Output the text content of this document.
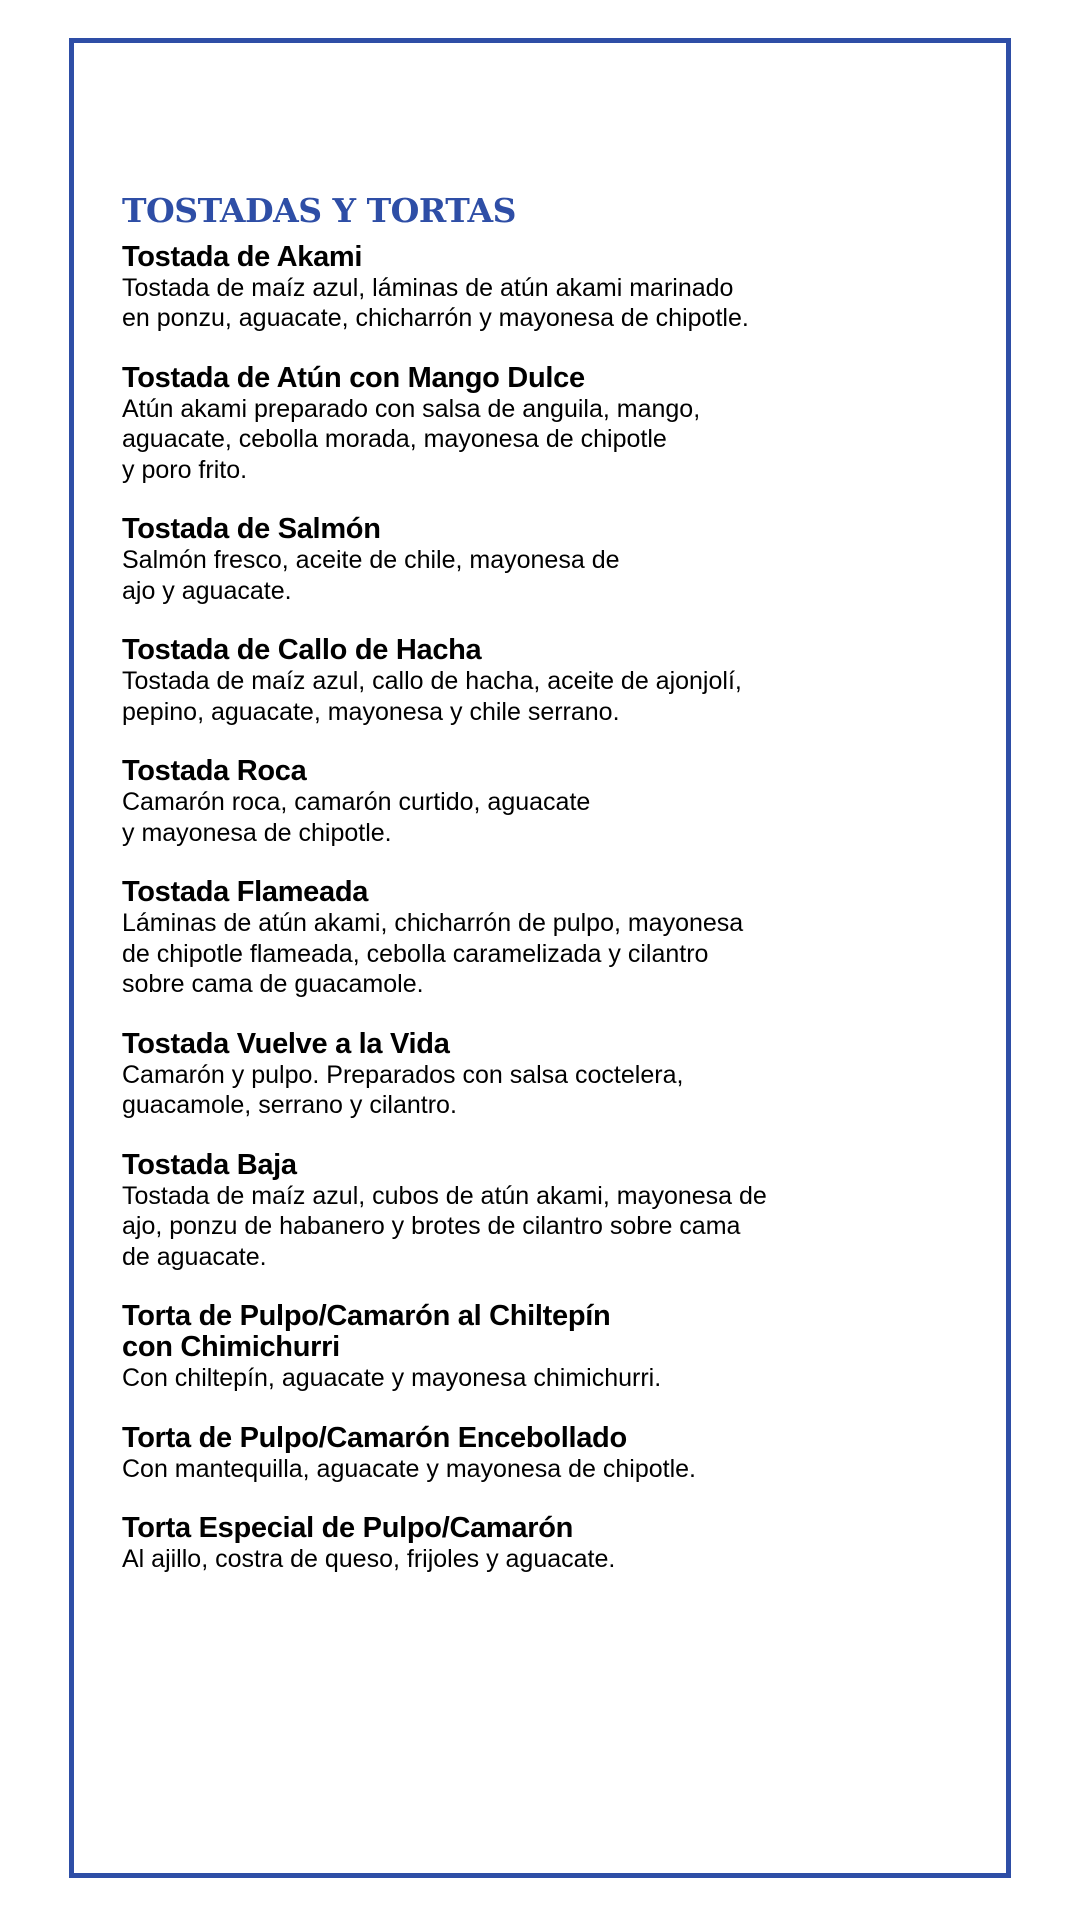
TOSTADAS Y TORTAS

Tostada de Akami

Tostada de maíz azul, láminas de atún akami marinado
en ponzu, aguacate, chicharrón y mayonesa de chipotle.

Tostada de Atún con Mango Dulce

Atún akami preparado con salsa de anguila, mango,
aguacate, cebolla morada, mayonesa de chipotle
y poro frito.

Tostada de Salmón

Salmón fresco, aceite de chile, mayonesa de
ajo y aguacate.

Tostada de Callo de Hacha

Tostada de maíz azul, callo de hacha, aceite de ajonjolí,
pepino, aguacate, mayonesa y chile serrano.

Tostada Roca

Camarón roca, camarón curtido, aguacate
y mayonesa de chipotle.

Tostada Flameada

Láminas de atún akami, chicharrón de pulpo, mayonesa
de chipotle flameada, cebolla caramelizada y cilantro
sobre cama de guacamole.

Tostada Vuelve a la Vida

Camarón y pulpo. Preparados con salsa coctelera,
guacamole, serrano y cilantro.

Tostada Baja

Tostada de maíz azul, cubos de atún akami, mayonesa de
ajo, ponzu de habanero y brotes de cilantro sobre cama
de aguacate.

Torta de Pulpo/Camarón al Chiltepín
con Chimichurri

Con chiltepín, aguacate y mayonesa chimichurri.

Torta de Pulpo/Camarón Encebollado

Con mantequilla, aguacate y mayonesa de chipotle.

Torta Especial de Pulpo/Camarón

Al ajillo, costra de queso, frijoles y aguacate.
